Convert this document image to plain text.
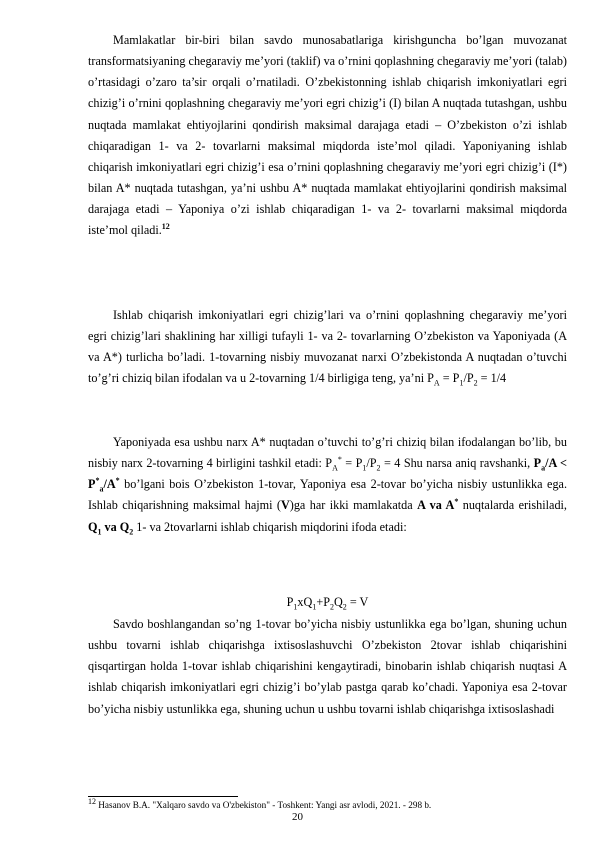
Mamlakatlar bir-biri bilan savdo munosabatlariga kirishguncha bo’lgan muvozanat transformatsiyaning chegaraviy me’yori (taklif) va o’rnini qoplashning chegaraviy me’yori (talab) o’rtasidagi o’zaro ta’sir orqali o’rnatiladi. O’zbekistonning ishlab chiqarish imkoniyatlari egri chizig’i o’rnini qoplashning chegaraviy me’yori egri chizig’i (I) bilan A nuqtada tutashgan, ushbu nuqtada mamlakat ehtiyojlarini qondirish maksimal darajaga etadi – O’zbekiston o’zi ishlab chiqaradigan 1- va 2- tovarlarni maksimal miqdorda iste’mol qiladi. Yaponiyaning ishlab chiqarish imkoniyatlari egri chizig’i esa o’rnini qoplashning chegaraviy me’yori egri chizig’i (I*) bilan A* nuqtada tutashgan, ya’ni ushbu A* nuqtada mamlakat ehtiyojlarini qondirish maksimal darajaga etadi – Yaponiya o’zi ishlab chiqaradigan 1- va 2- tovarlarni maksimal miqdorda iste’mol qiladi.$^{12}$

Ishlab chiqarish imkoniyatlari egri chizig’lari va o’rnini qoplashning chegaraviy me’yori egri chizig’lari shaklining har xilligi tufayli 1- va 2- tovarlarning O’zbekiston va Yaponiyada (A va A*) turlicha bo’ladi. 1-tovarning nisbiy muvozanat narxi O’zbekistonda A nuqtadan o’tuvchi to’g’ri chiziq bilan ifodalan va u 2-tovarning 1/4 birligiga teng, ya’ni $P_A = P_1/P_2 = 1/4$

Yaponiyada esa ushbu narx A* nuqtadan o’tuvchi to’g’ri chiziq bilan ifodalangan bo’lib, bu nisbiy narx 2-tovarning 4 birligini tashkil etadi: $P_A^* = P_1/P_2 = 4$ Shu narsa aniq ravshanki, $P_a/A < P^*_a/A^*$ bo’lgani bois O’zbekiston 1-tovar, Yaponiya esa 2-tovar bo’yicha nisbiy ustunlikka ega. Ishlab chiqarishning maksimal hajmi (V)ga har ikki mamlakatda A va A* nuqtalarda erishiladi, $Q_1$ va $Q_2$ 1- va 2tovarlarni ishlab chiqarish miqdorini ifoda etadi:

$P_1xQ_1+P_2Q_2 = V$

Savdo boshlangandan so’ng 1-tovar bo’yicha nisbiy ustunlikka ega bo’lgan, shuning uchun ushbu tovarni ishlab chiqarishga ixtisoslashuvchi O’zbekiston 2tovar ishlab chiqarishini qisqartirgan holda 1-tovar ishlab chiqarishini kengaytiradi, binobarin ishlab chiqarish nuqtasi A ishlab chiqarish imkoniyatlari egri chizig’i bo’ylab pastga qarab ko’chadi. Yaponiya esa 2-tovar bo’yicha nisbiy ustunlikka ega, shuning uchun u ushbu tovarni ishlab chiqarishga ixtisoslashadi

$^{12}$ Hasanov B.A. "Xalqaro savdo va O'zbekiston" - Toshkent: Yangi asr avlodi, 2021. - 298 b.

20
